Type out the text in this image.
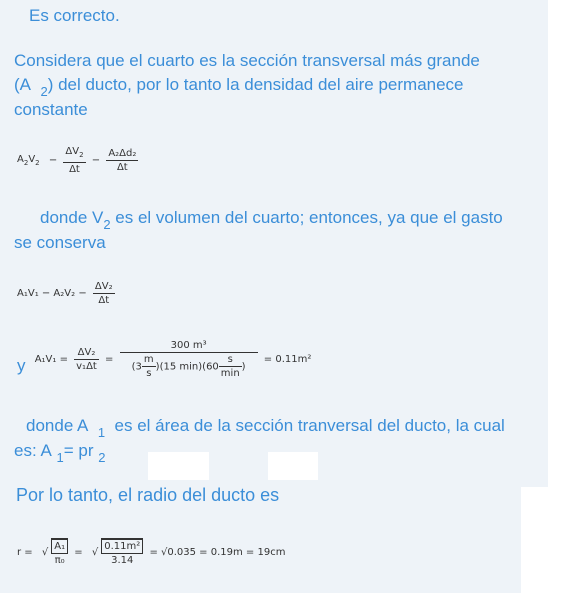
Es correcto.

Considera que el cuarto es la sección transversal más grande
(A $_2$) del ducto, por lo tanto la densidad del aire permanece
constante
$A_2V_2 - \frac{\Delta V_2}{\Delta t} - \frac{\text{A₂Δd₂}}{\Delta t}$
donde $V_2$ es el volumen del cuarto; entonces, ya que el gasto
se conserva
$A_1V_1 - A_2V_2 - \frac{\text{ΔV₂}}{\Delta t}$
y $A_1V_1 = \frac{\text{ΔV₂}}{\text{v₁Δt}} = \frac{\text{300 m³}}{(3 \frac{m}{s} )(15 \min)(60 \frac{s}{\min} )} = 0.11m^2$
donde A $_1$  es el área de la sección tranversal del ducto, la cual
es: A $_1$= pr $_2$

Por lo tanto, el radio del ducto es

r = √ $\frac{\text{A₁}}{\text{π₀}}$ = √ $\frac{\text{0.11m²}}{3.14} = √0.035 = 0.19m = 19cm$
